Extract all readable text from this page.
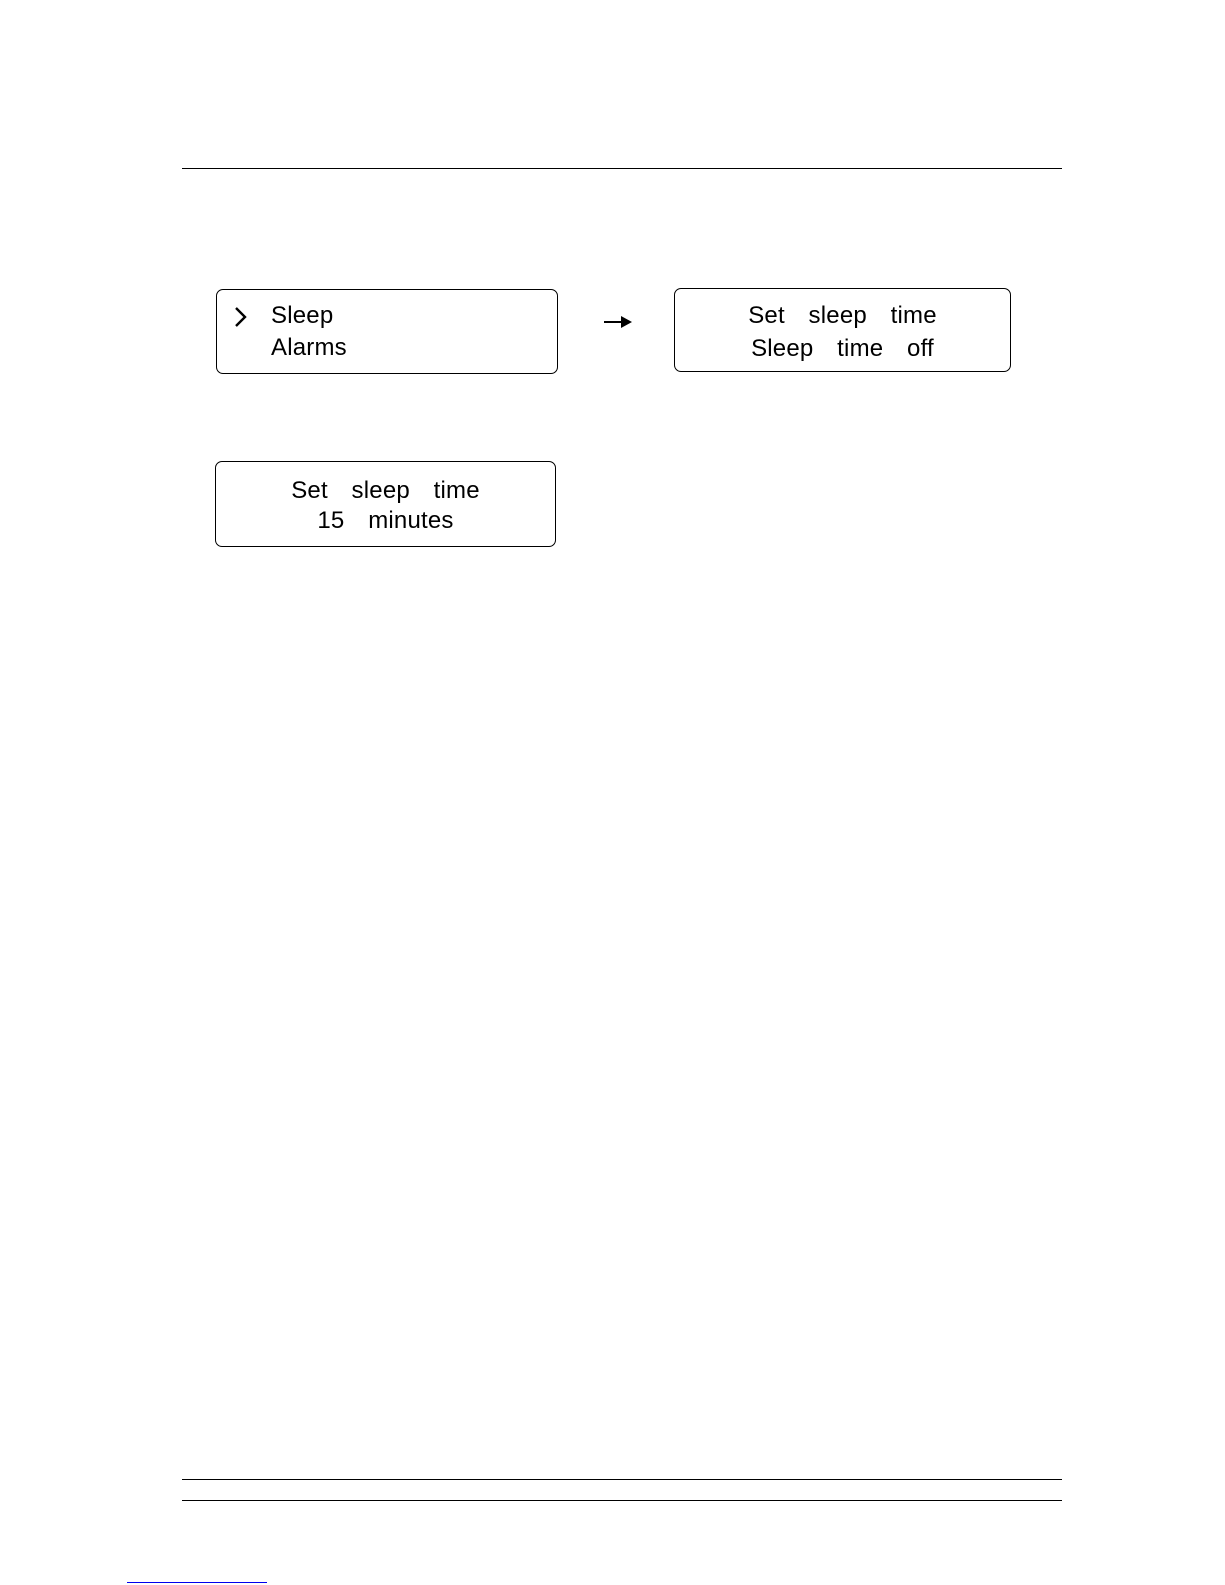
Sleep
Alarms
Set  sleep  time
Sleep  time  off
Set  sleep  time
15  minutes
